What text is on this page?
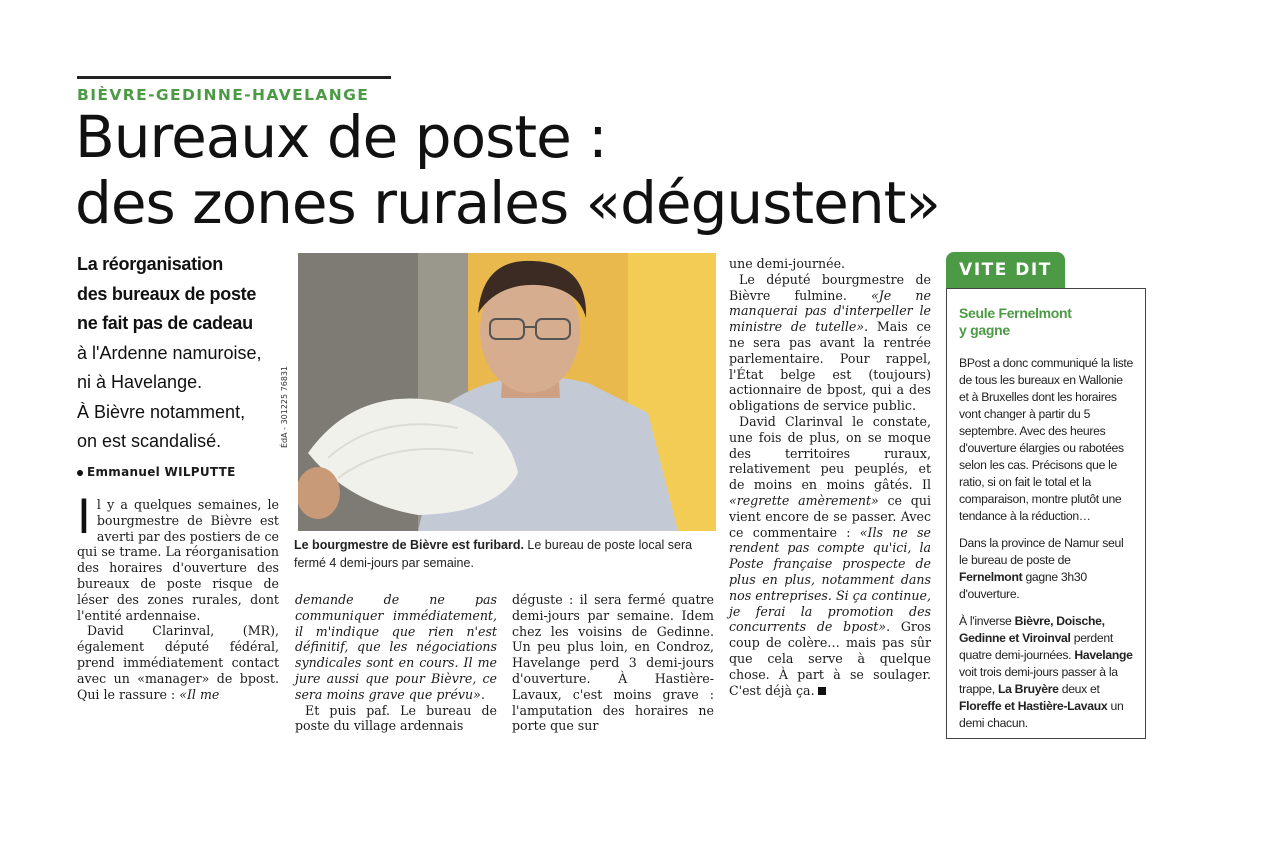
BIÈVRE-GEDINNE-HAVELANGE
Bureaux de poste :
des zones rurales «dégustent»
La réorganisation
des bureaux de poste
ne fait pas de cadeau
à l'Ardenne namuroise,
ni à Havelange.
À Bièvre notamment,
on est scandalisé.
Emmanuel WILPUTTE
ÉdA - 301225 76831
Le bourgmestre de Bièvre est furibard. Le bureau de poste local sera fermé 4 demi-jours par semaine.

Il y a quelques semaines, le bourgmestre de Bièvre est averti par des postiers de ce qui se trame. La réorganisation des horaires d'ouverture des bureaux de poste risque de léser des zones rurales, dont l'entité ardennaise.

David Clarinval, (MR), également député fédéral, prend immédiatement contact avec un «manager» de bpost. Qui le rassure : «Il me

demande de ne pas communiquer immédiatement, il m'indique que rien n'est définitif, que les négociations syndicales sont en cours. Il me jure aussi que pour Bièvre, ce sera moins grave que prévu».

Et puis paf. Le bureau de poste du village ardennais

déguste : il sera fermé quatre demi-jours par semaine. Idem chez les voisins de Gedinne. Un peu plus loin, en Condroz, Havelange perd 3 demi-jours d'ouverture. À Hastière-Lavaux, c'est moins grave : l'amputation des horaires ne porte que sur

une demi-journée.

Le député bourgmestre de Bièvre fulmine. «Je ne manquerai pas d'interpeller le ministre de tutelle». Mais ce ne sera pas avant la rentrée parlementaire. Pour rappel, l'État belge est (toujours) actionnaire de bpost, qui a des obligations de service public.

David Clarinval le constate, une fois de plus, on se moque des territoires ruraux, relativement peu peuplés, et de moins en moins gâtés. Il «regrette amèrement» ce qui vient encore de se passer. Avec ce commentaire : «Ils ne se rendent pas compte qu'ici, la Poste française prospecte de plus en plus, notamment dans nos entreprises. Si ça continue, je ferai la promotion des concurrents de bpost». Gros coup de colère… mais pas sûr que cela serve à quelque chose. À part à se soulager. C'est déjà ça.

VITE DIT
Seule Fernelmont
y gagne

BPost a donc communiqué la liste de tous les bureaux en Wallonie et à Bruxelles dont les horaires vont changer à partir du 5 septembre. Avec des heures d'ouverture élargies ou rabotées selon les cas. Précisons que le ratio, si on fait le total et la comparaison, montre plutôt une tendance à la réduction…

Dans la province de Namur seul le bureau de poste de Fernelmont gagne 3h30 d'ouverture.

À l'inverse Bièvre, Doische, Gedinne et Viroinval perdent quatre demi-journées. Havelange voit trois demi-jours passer à la trappe, La Bruyère deux et Floreffe et Hastière-Lavaux un demi chacun.
